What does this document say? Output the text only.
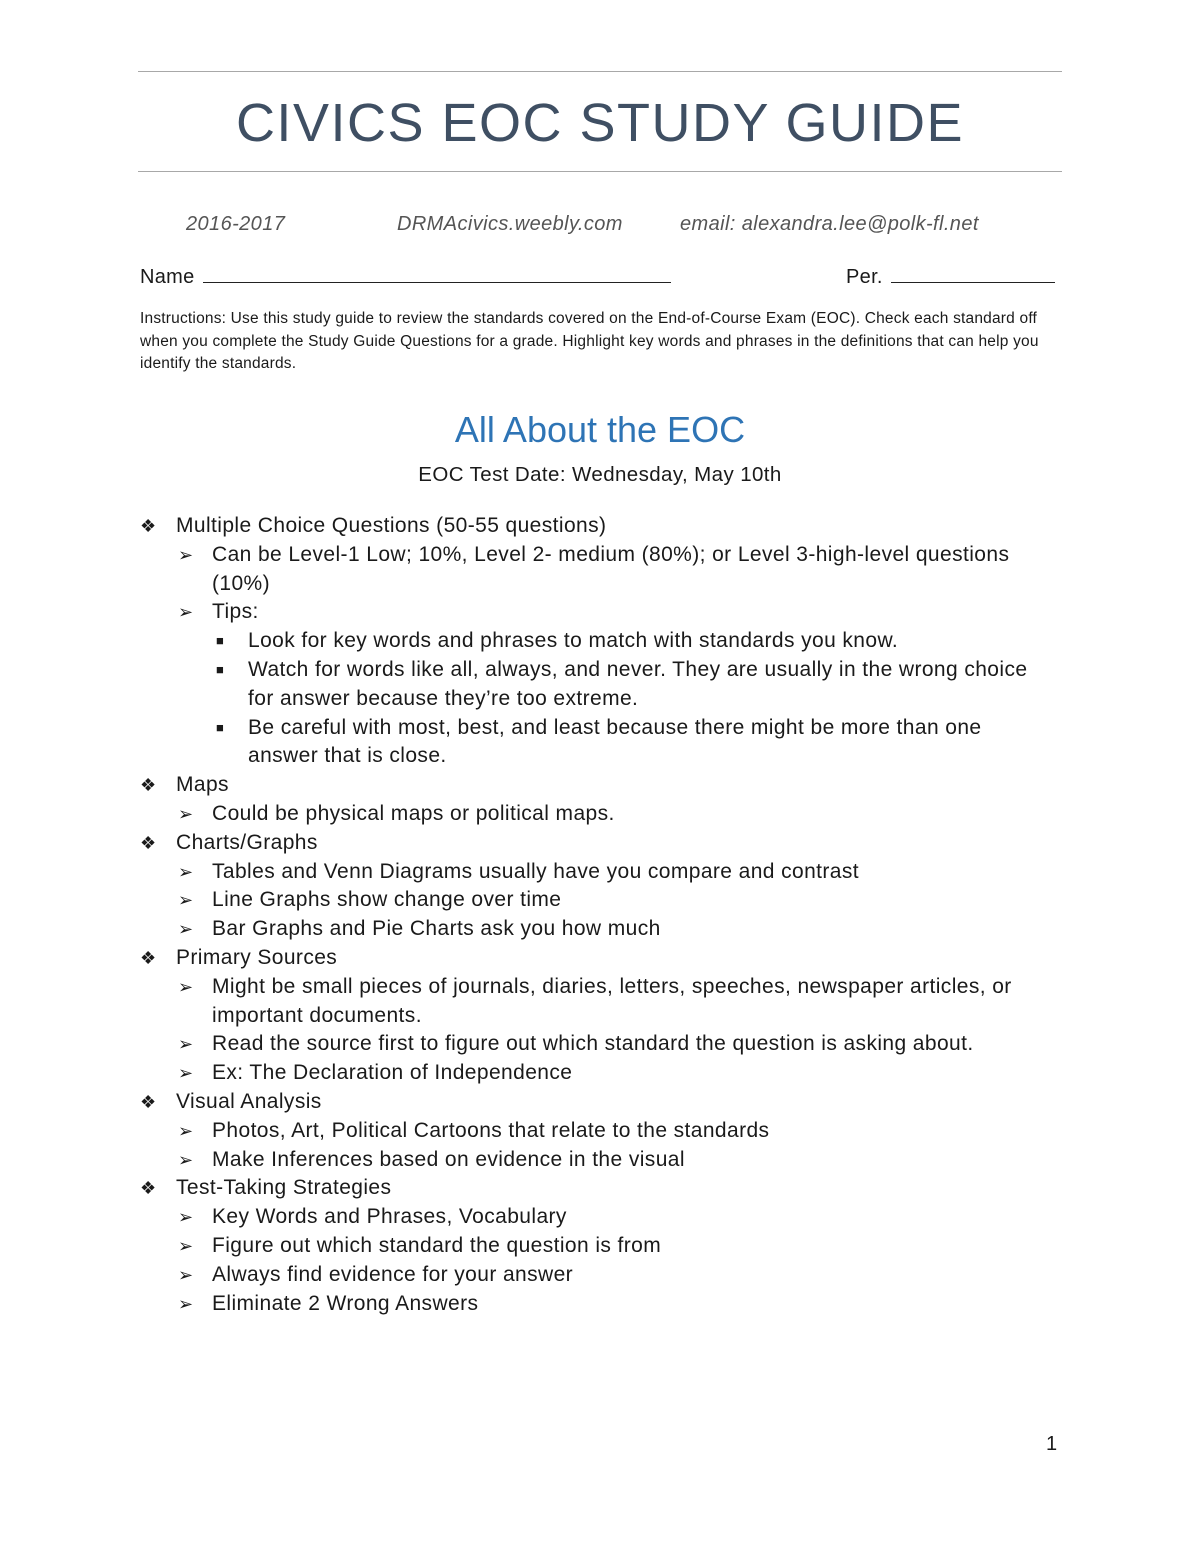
CIVICS EOC STUDY GUIDE
2016-2017	DRMAcivics.weebly.com	email: alexandra.lee@polk-fl.net
Name	Per.
Instructions: Use this study guide to review the standards covered on the End-of-Course Exam (EOC). Check each standard off when you complete the Study Guide Questions for a grade. Highlight key words and phrases in the definitions that can help you identify the standards.
All About the EOC
EOC Test Date: Wednesday, May 10th
❖ Multiple Choice Questions (50-55 questions)
➢ Can be Level-1 Low; 10%, Level 2- medium (80%); or Level 3-high-level questions (10%)
➢ Tips:
■	Look for key words and phrases to match with standards you know.
■	Watch for words like all, always, and never. They are usually in the wrong choice for answer because they’re too extreme.
■	Be careful with most, best, and least because there might be more than one answer that is close.
❖ Maps
➢ Could be physical maps or political maps.
❖ Charts/Graphs
➢ Tables and Venn Diagrams usually have you compare and contrast
➢ Line Graphs show change over time
➢ Bar Graphs and Pie Charts ask you how much
❖ Primary Sources
➢ Might be small pieces of journals, diaries, letters, speeches, newspaper articles, or important documents.
➢ Read the source first to figure out which standard the question is asking about.
➢ Ex: The Declaration of Independence
❖ Visual Analysis
➢ Photos, Art, Political Cartoons that relate to the standards
➢ Make Inferences based on evidence in the visual
❖ Test-Taking Strategies
➢ Key Words and Phrases, Vocabulary
➢ Figure out which standard the question is from
➢ Always find evidence for your answer
➢ Eliminate 2 Wrong Answers
1
